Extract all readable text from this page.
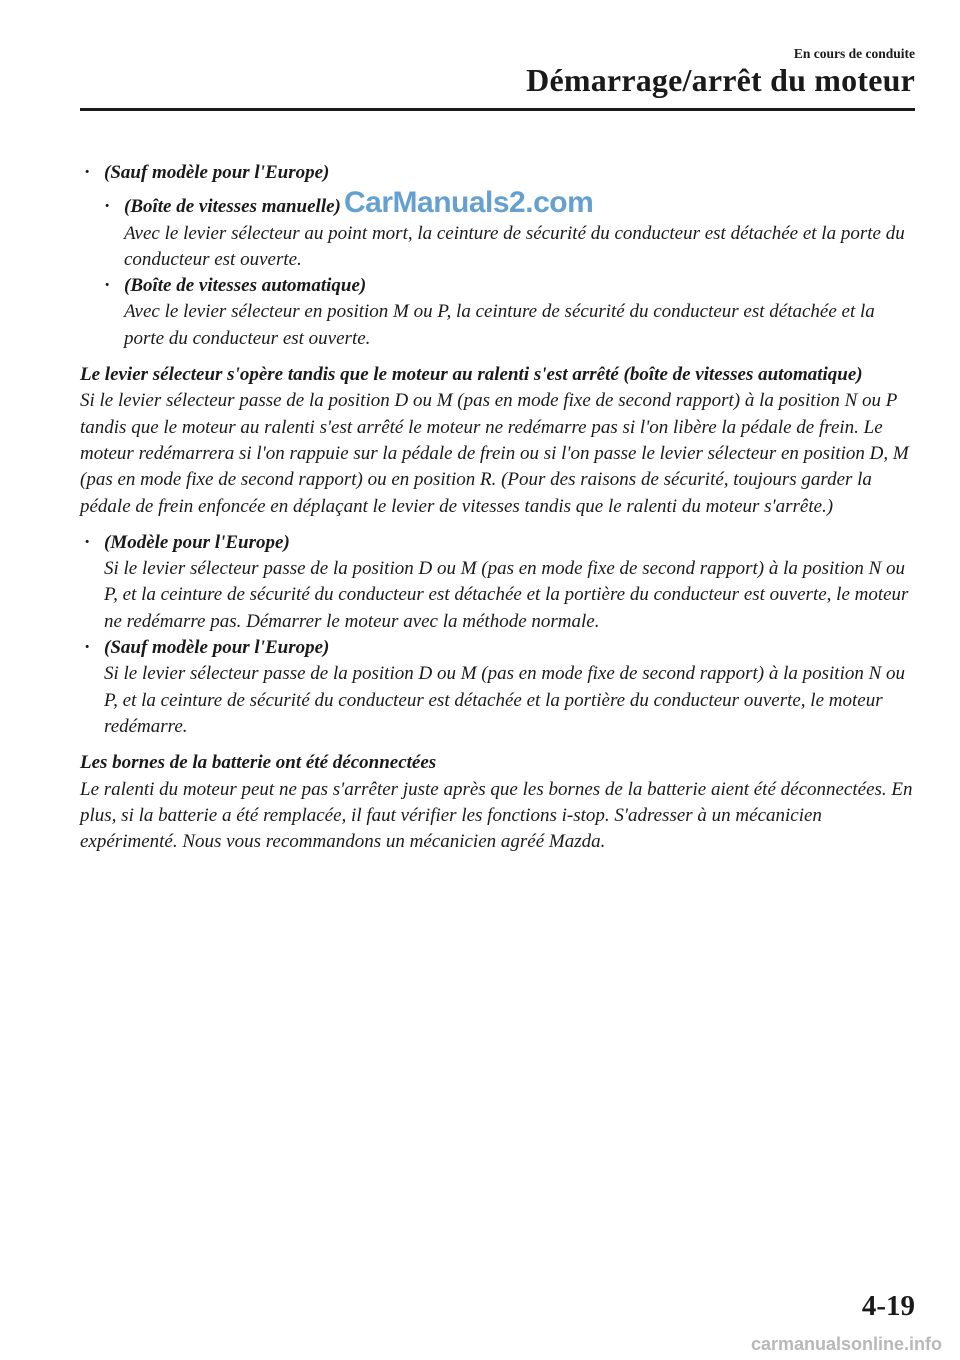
En cours de conduite
Démarrage/arrêt du moteur
· (Sauf modèle pour l'Europe)
· (Boîte de vitesses manuelle)
Avec le levier sélecteur au point mort, la ceinture de sécurité du conducteur est détachée et la porte du conducteur est ouverte.
· (Boîte de vitesses automatique)
Avec le levier sélecteur en position M ou P, la ceinture de sécurité du conducteur est détachée et la porte du conducteur est ouverte.
Le levier sélecteur s'opère tandis que le moteur au ralenti s'est arrêté (boîte de vitesses automatique)
Si le levier sélecteur passe de la position D ou M (pas en mode fixe de second rapport) à la position N ou P tandis que le moteur au ralenti s'est arrêté le moteur ne redémarre pas si l'on libère la pédale de frein. Le moteur redémarrera si l'on rappuie sur la pédale de frein ou si l'on passe le levier sélecteur en position D, M (pas en mode fixe de second rapport) ou en position R. (Pour des raisons de sécurité, toujours garder la pédale de frein enfoncée en déplaçant le levier de vitesses tandis que le ralenti du moteur s'arrête.)
· (Modèle pour l'Europe)
Si le levier sélecteur passe de la position D ou M (pas en mode fixe de second rapport) à la position N ou P, et la ceinture de sécurité du conducteur est détachée et la portière du conducteur est ouverte, le moteur ne redémarre pas. Démarrer le moteur avec la méthode normale.
· (Sauf modèle pour l'Europe)
Si le levier sélecteur passe de la position D ou M (pas en mode fixe de second rapport) à la position N ou P, et la ceinture de sécurité du conducteur est détachée et la portière du conducteur ouverte, le moteur redémarre.
Les bornes de la batterie ont été déconnectées
Le ralenti du moteur peut ne pas s'arrêter juste après que les bornes de la batterie aient été déconnectées. En plus, si la batterie a été remplacée, il faut vérifier les fonctions i-stop. S'adresser à un mécanicien expérimenté. Nous vous recommandons un mécanicien agréé Mazda.
CarManuals2.com
4-19
carmanualsonline.info
